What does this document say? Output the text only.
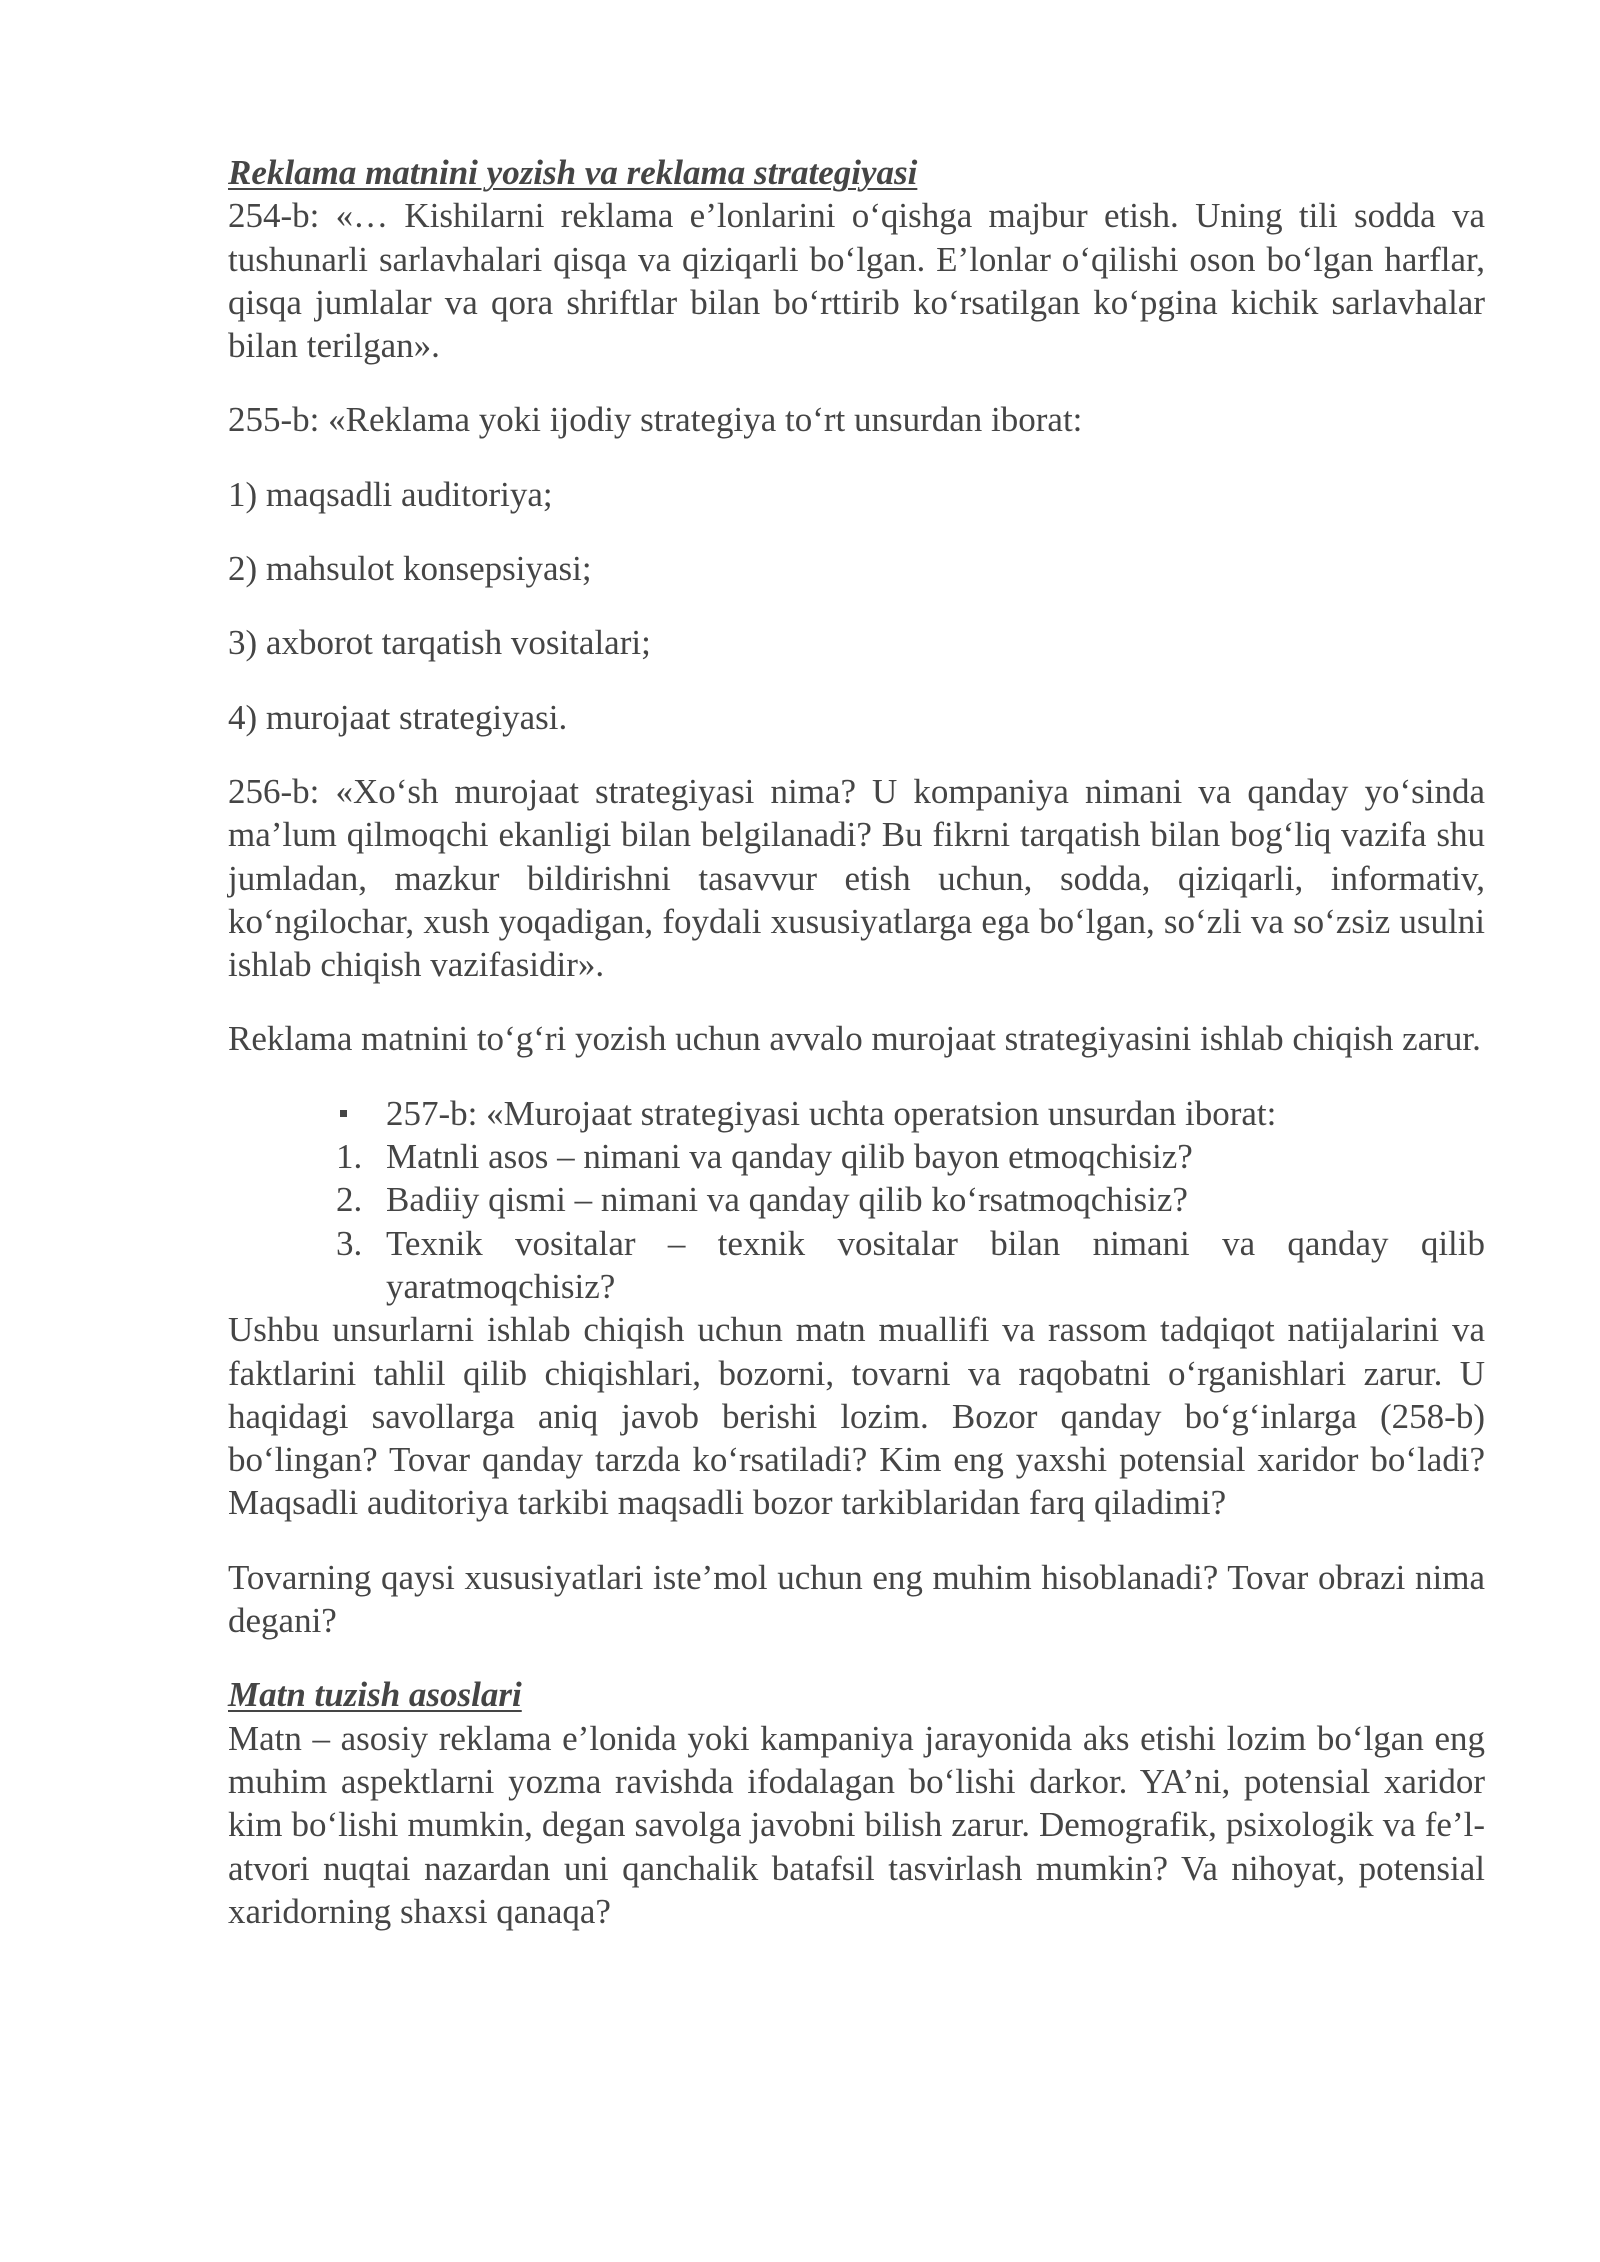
Reklama matnini yozish va reklama strategiyasi

254-b: «… Kishilarni reklama e’lonlarini o‘qishga majbur etish. Uning tili sodda va tushunarli sarlavhalari qisqa va qiziqarli bo‘lgan. E’lonlar o‘qilishi oson bo‘lgan harflar, qisqa jumlalar va qora shriftlar bilan bo‘rttirib ko‘rsatilgan ko‘pgina kichik sarlavhalar bilan terilgan».

255-b: «Reklama yoki ijodiy strategiya to‘rt unsurdan iborat:

1) maqsadli auditoriya;

2) mahsulot konsepsiyasi;

3) axborot tarqatish vositalari;

4) murojaat strategiyasi.

256-b: «Xo‘sh murojaat strategiyasi nima? U kompaniya nimani va qanday yo‘sinda ma’lum qilmoqchi ekanligi bilan belgilanadi? Bu fikrni tarqatish bilan bog‘liq vazifa shu jumladan, mazkur bildirishni tasavvur etish uchun, sodda, qiziqarli, informativ, ko‘ngilochar, xush yoqadigan, foydali xususiyatlarga ega bo‘lgan, so‘zli va so‘zsiz usulni ishlab chiqish vazifasidir».

Reklama matnini to‘g‘ri yozish uchun avvalo murojaat strategiyasini ishlab chiqish zarur.

257-b: «Murojaat strategiyasi uchta operatsion unsurdan iborat:
1. Matnli asos – nimani va qanday qilib bayon etmoqchisiz?
2. Badiiy qismi – nimani va qanday qilib ko‘rsatmoqchisiz?
3. Texnik vositalar – texnik vositalar bilan nimani va qanday qilib yaratmoqchisiz?

Ushbu unsurlarni ishlab chiqish uchun matn muallifi va rassom tadqiqot natijalarini va faktlarini tahlil qilib chiqishlari, bozorni, tovarni va raqobatni o‘rganishlari zarur. U haqidagi savollarga aniq javob berishi lozim. Bozor qanday bo‘g‘inlarga (258-b) bo‘lingan? Tovar qanday tarzda ko‘rsatiladi? Kim eng yaxshi potensial xaridor bo‘ladi? Maqsadli auditoriya tarkibi maqsadli bozor tarkiblaridan farq qiladimi?

Tovarning qaysi xususiyatlari iste’mol uchun eng muhim hisoblanadi? Tovar obrazi nima degani?

Matn tuzish asoslari

Matn – asosiy reklama e’lonida yoki kampaniya jarayonida aks etishi lozim bo‘lgan eng muhim aspektlarni yozma ravishda ifodalagan bo‘lishi darkor. YA’ni, potensial xaridor kim bo‘lishi mumkin, degan savolga javobni bilish zarur. Demografik, psixologik va fe’l-atvori nuqtai nazardan uni qanchalik batafsil tasvirlash mumkin? Va nihoyat, potensial xaridorning shaxsi qanaqa?
